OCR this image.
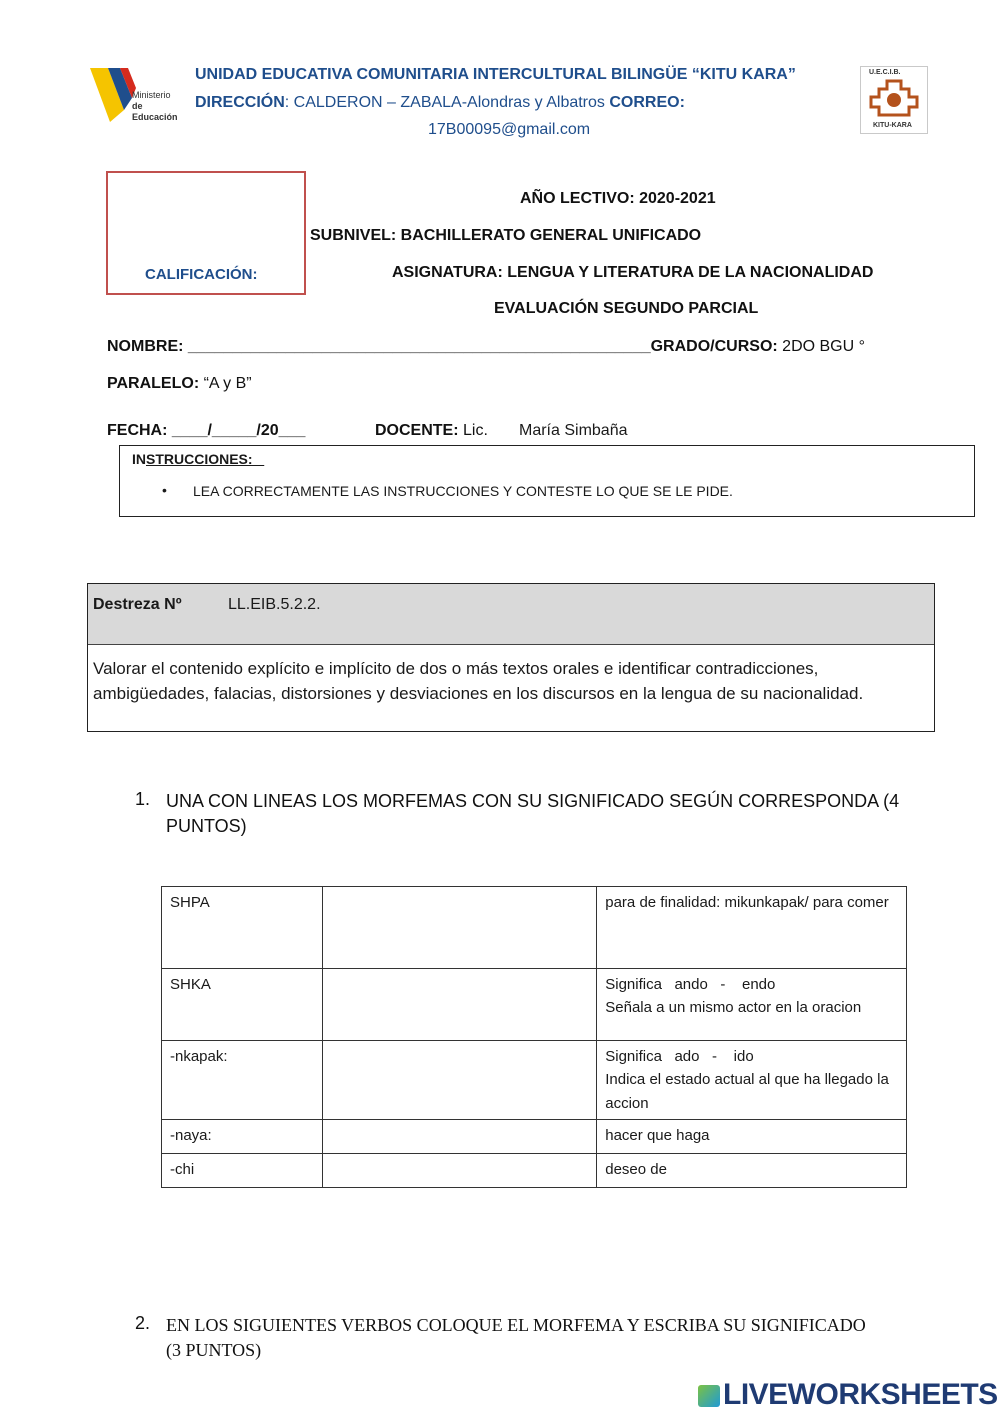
Ministerio
de Educación
UNIDAD EDUCATIVA COMUNITARIA INTERCULTURAL BILINGÜE “KITU KARA”
DIRECCIÓN: CALDERON – ZABALA-Alondras y Albatros CORREO:
17B00095@gmail.com
U.E.C.I.B.
KITU-KARA
CALIFICACIÓN:
AÑO LECTIVO: 2020-2021
SUBNIVEL: BACHILLERATO GENERAL UNIFICADO
ASIGNATURA: LENGUA Y LITERATURA DE LA NACIONALIDAD
EVALUACIÓN SEGUNDO PARCIAL
NOMBRE: ____________________________________________________GRADO/CURSO: 2DO BGU °
PARALELO: “A y B”
FECHA: ____/_____/20___	DOCENTE: Lic. María Simbaña
INSTRUCCIONES:
• LEA CORRECTAMENTE LAS INSTRUCCIONES Y CONTESTE LO QUE SE LE PIDE.
Destreza Nº	LL.EIB.5.2.2.
Valorar el contenido explícito e implícito de dos o más textos orales e identificar contradicciones, ambigüedades, falacias, distorsiones y desviaciones en los discursos en la lengua de su nacionalidad.
1. UNA CON LINEAS LOS MORFEMAS CON SU SIGNIFICADO SEGÚN CORRESPONDA (4 PUNTOS)
SHPA		para de finalidad: mikunkapak/ para comer
SHKA		Significa   ando   -    endo
Señala a un mismo actor en la oracion

-nkapak:		Significa   ado   -    ido
Indica el estado actual al que ha llegado la accion

-naya:		hacer que haga
-chi		deseo de
2. EN LOS SIGUIENTES VERBOS COLOQUE EL MORFEMA Y ESCRIBA SU SIGNIFICADO (3 PUNTOS)
LIVEWORKSHEETS
